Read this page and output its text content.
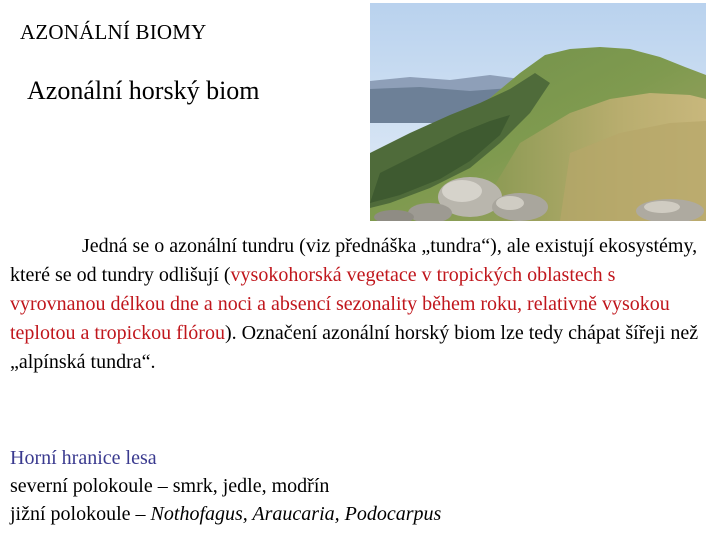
AZONÁLNÍ BIOMY
Azonální horský biom

Jedná se o azonální tundru (viz přednáška „tundra“), ale existují ekosystémy, které se od tundry odlišují (vysokohorská vegetace v tropických oblastech s vyrovnanou délkou dne a noci a absencí sezonality během roku, relativně vysokou teplotou a tropickou flórou). Označení azonální horský biom lze tedy chápat šířeji než „alpínská tundra“.

Horní hranice lesa
severní polokoule – smrk, jedle, modřín
jižní polokoule – Nothofagus, Araucaria, Podocarpus
